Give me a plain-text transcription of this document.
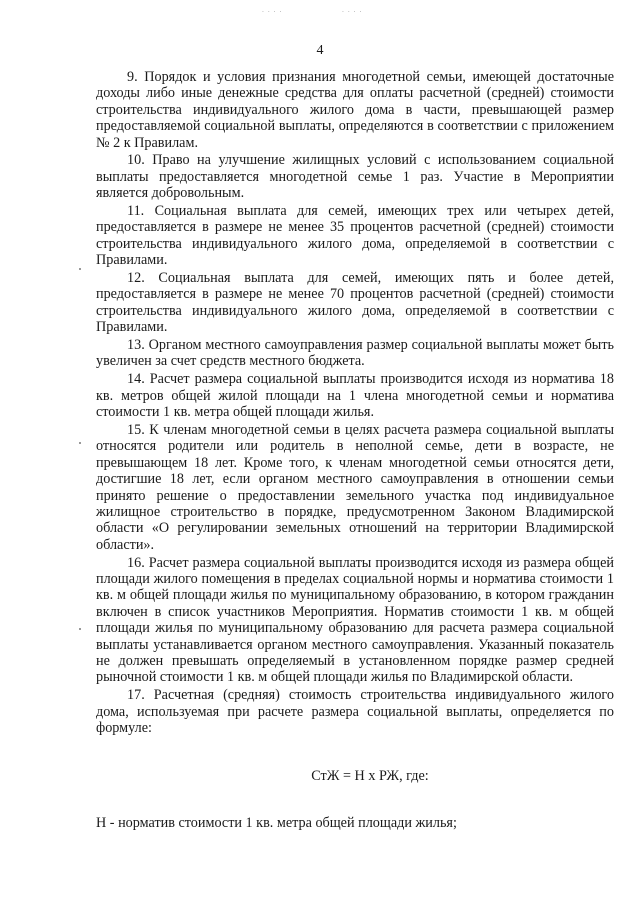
· · · ·	· · · ·
4

9. Порядок и условия признания многодетной семьи, имеющей достаточные доходы либо иные денежные средства для оплаты расчетной (средней) стоимости строительства индивидуального жилого дома в части, превышающей размер предоставляемой социальной выплаты, определяются в соответствии с приложением № 2 к Правилам.

10. Право на улучшение жилищных условий с использованием социальной выплаты предоставляется многодетной семье 1 раз. Участие в Мероприятии является добровольным.

11. Социальная выплата для семей, имеющих трех или четырех детей, предоставляется в размере не менее 35 процентов расчетной (средней) стоимости строительства индивидуального жилого дома, определяемой в соответствии с Правилами.

12. Социальная выплата для семей, имеющих пять и более детей, предоставляется в размере не менее 70 процентов расчетной (средней) стоимости строительства индивидуального жилого дома, определяемой в соответствии с Правилами.

13. Органом местного самоуправления размер социальной выплаты может быть увеличен за счет средств местного бюджета.

14. Расчет размера социальной выплаты производится исходя из норматива 18 кв. метров общей жилой площади на 1 члена многодетной семьи и норматива стоимости 1 кв. метра общей площади жилья.

15. К членам многодетной семьи в целях расчета размера социальной выплаты относятся родители или родитель в неполной семье, дети в возрасте, не превышающем 18 лет. Кроме того, к членам многодетной семьи относятся дети, достигшие 18 лет, если органом местного самоуправления в отношении семьи принято решение о предоставлении земельного участка под индивидуальное жилищное строительство в порядке, предусмотренном Законом Владимирской области «О регулировании земельных отношений на территории Владимирской области».

16. Расчет размера социальной выплаты производится исходя из размера общей площади жилого помещения в пределах социальной нормы и норматива стоимости 1 кв. м общей площади жилья по муниципальному образованию, в котором гражданин включен в список участников Мероприятия. Норматив стоимости 1 кв. м общей площади жилья по муниципальному образованию для расчета размера социальной выплаты устанавливается органом местного самоуправления. Указанный показатель не должен превышать определяемый в установленном порядке размер средней рыночной стоимости 1 кв. м общей площади жилья по Владимирской области.

17. Расчетная (средняя) стоимость строительства индивидуального жилого дома, используемая при расчете размера социальной выплаты, определяется по формуле:

СтЖ = Н х РЖ, где:

Н - норматив стоимости 1 кв. метра общей площади жилья;
